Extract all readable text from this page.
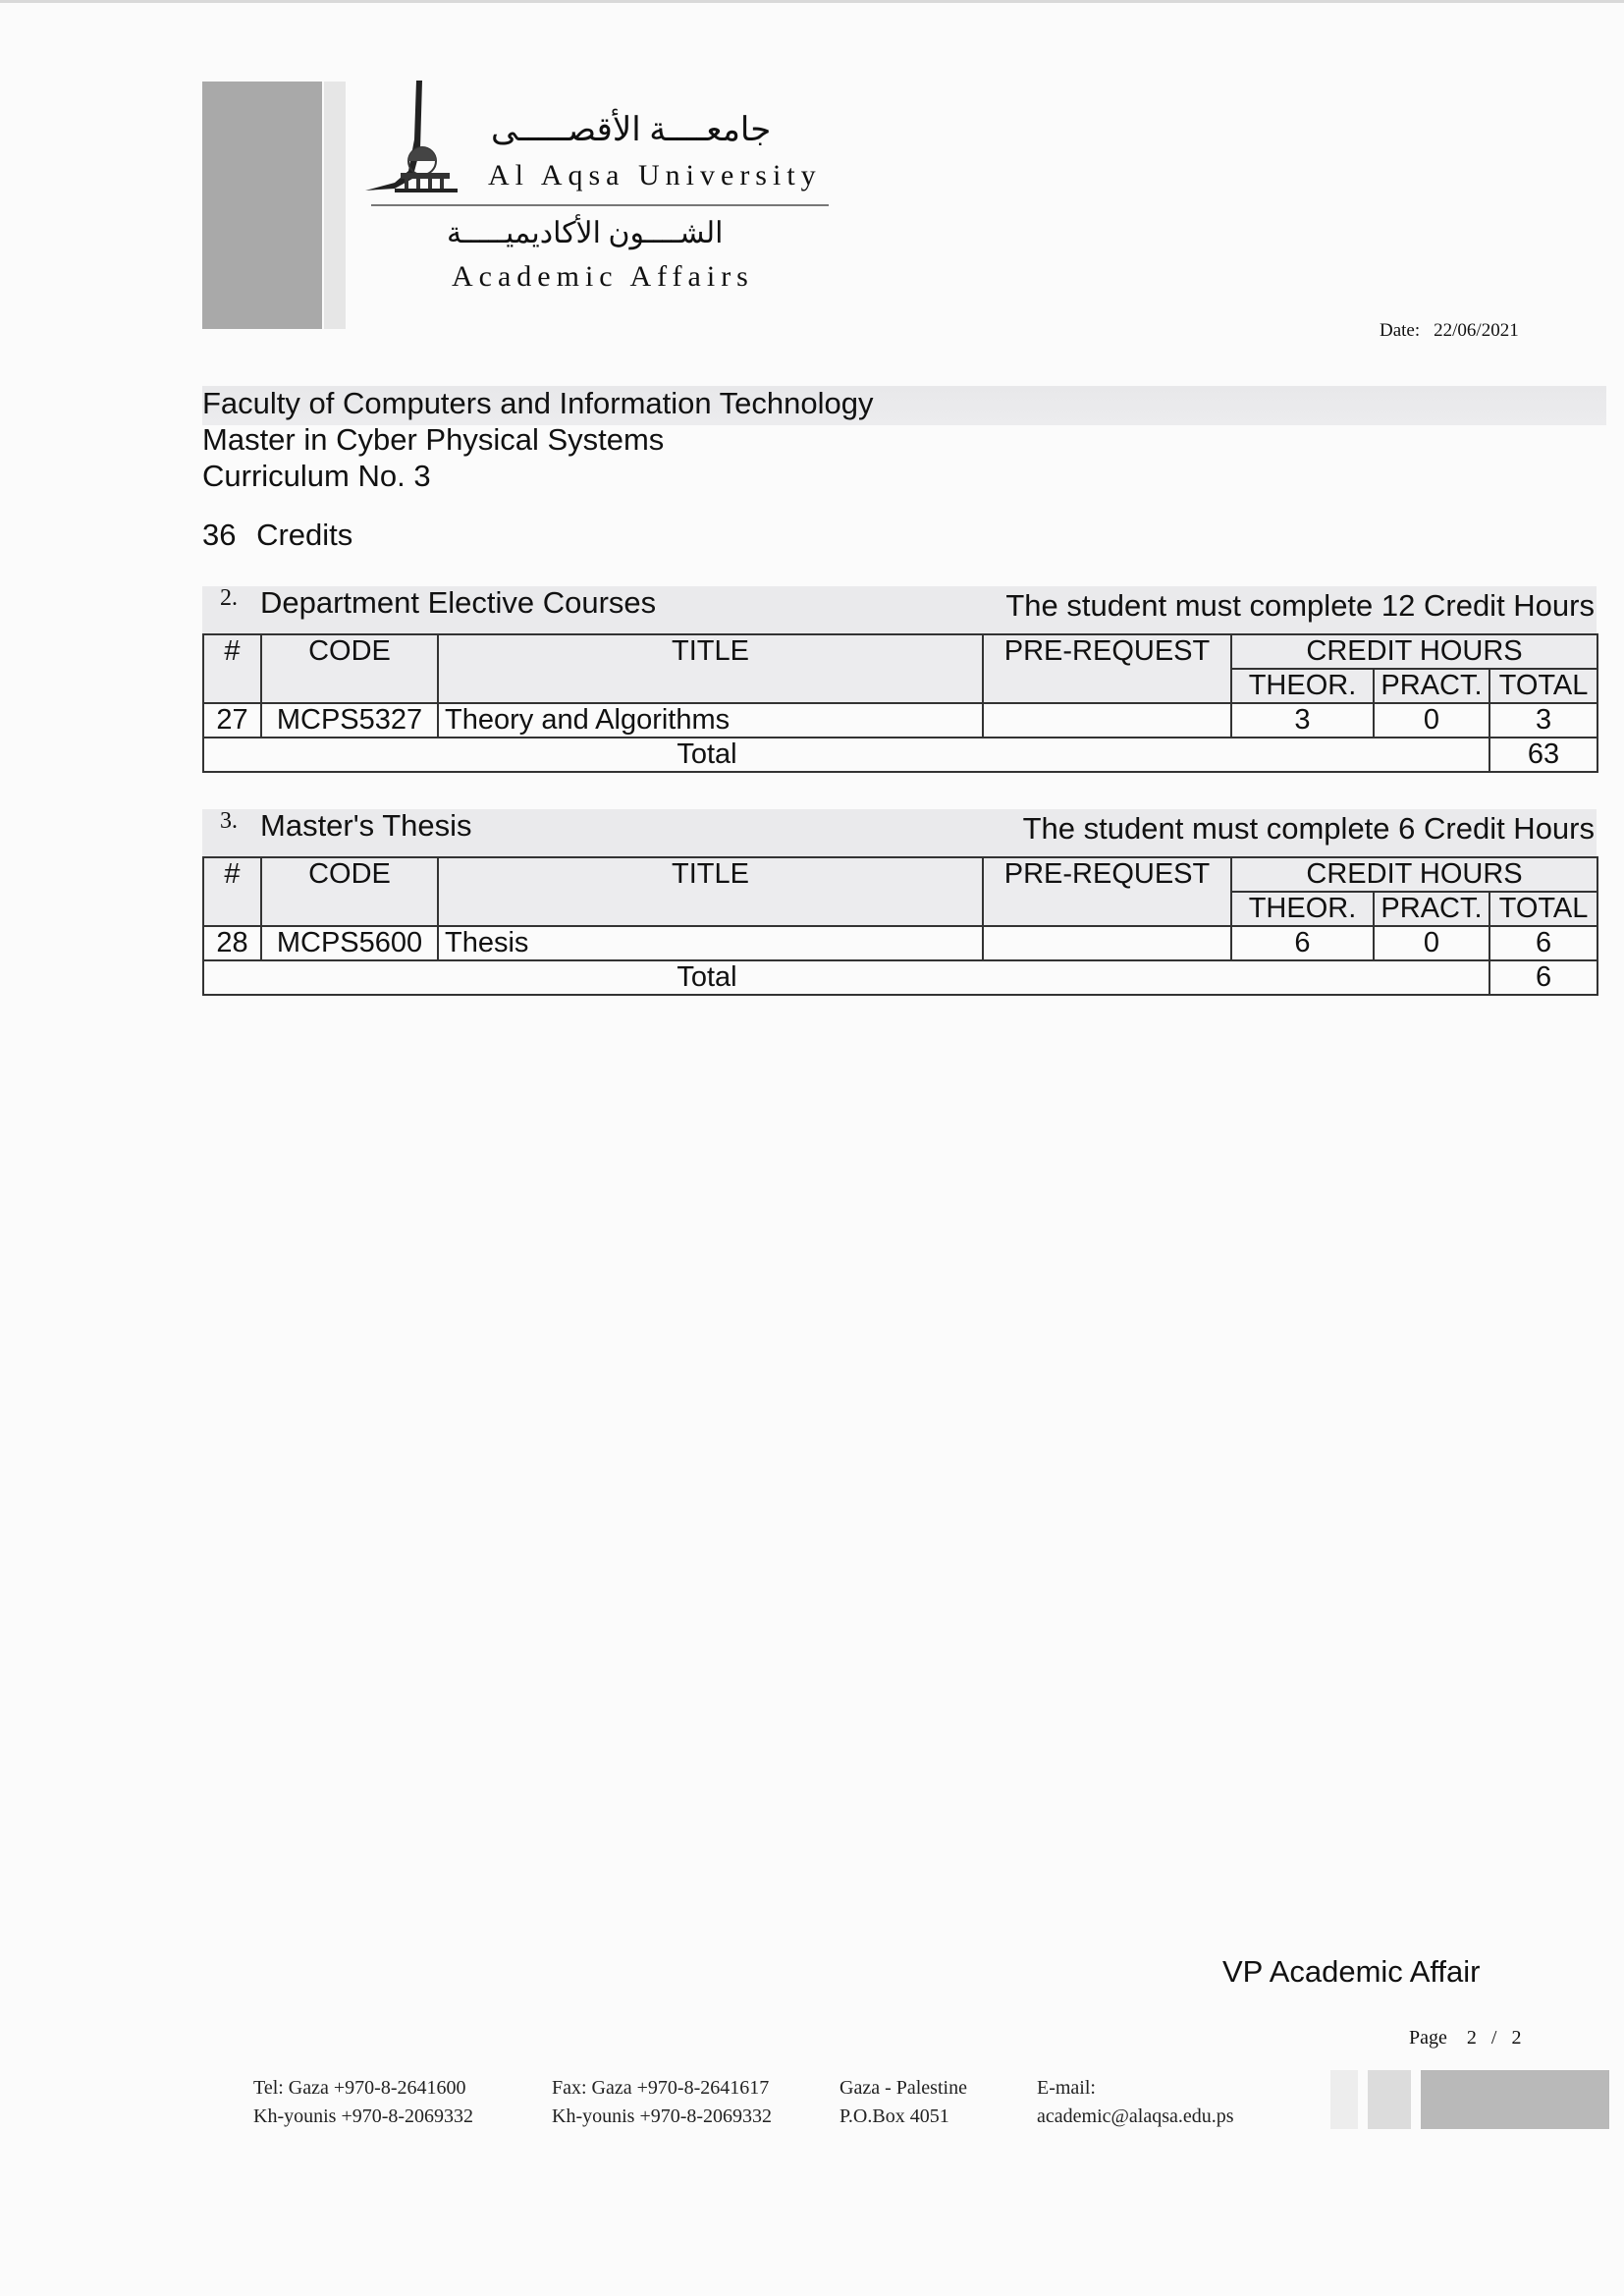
جامعــــة الأقصـــــى
Al Aqsa University
الشــــون الأكاديميـــــة
Academic Affairs
Date: 22/06/2021
Faculty of Computers and Information Technology
Master in Cyber Physical Systems
Curriculum No. 3
36 Credits
2. Department Elective Courses	The student must complete 12 Credit Hours
#	CODE	TITLE	PRE-REQUEST	CREDIT HOURS		
				THEOR.	PRACT.	TOTAL
27	MCPS5327	Theory and Algorithms		3	0	3
Total						63
3. Master's Thesis	The student must complete 6 Credit Hours
#	CODE	TITLE	PRE-REQUEST	CREDIT HOURS		
				THEOR.	PRACT.	TOTAL
28	MCPS5600	Thesis		6	0	6
Total						6
VP Academic Affair
Page 2 / 2
Tel: Gaza +970-8-2641600
Kh-younis +970-8-2069332
Fax: Gaza +970-8-2641617
Kh-younis +970-8-2069332
Gaza - Palestine
P.O.Box 4051
E-mail:
academic@alaqsa.edu.ps
